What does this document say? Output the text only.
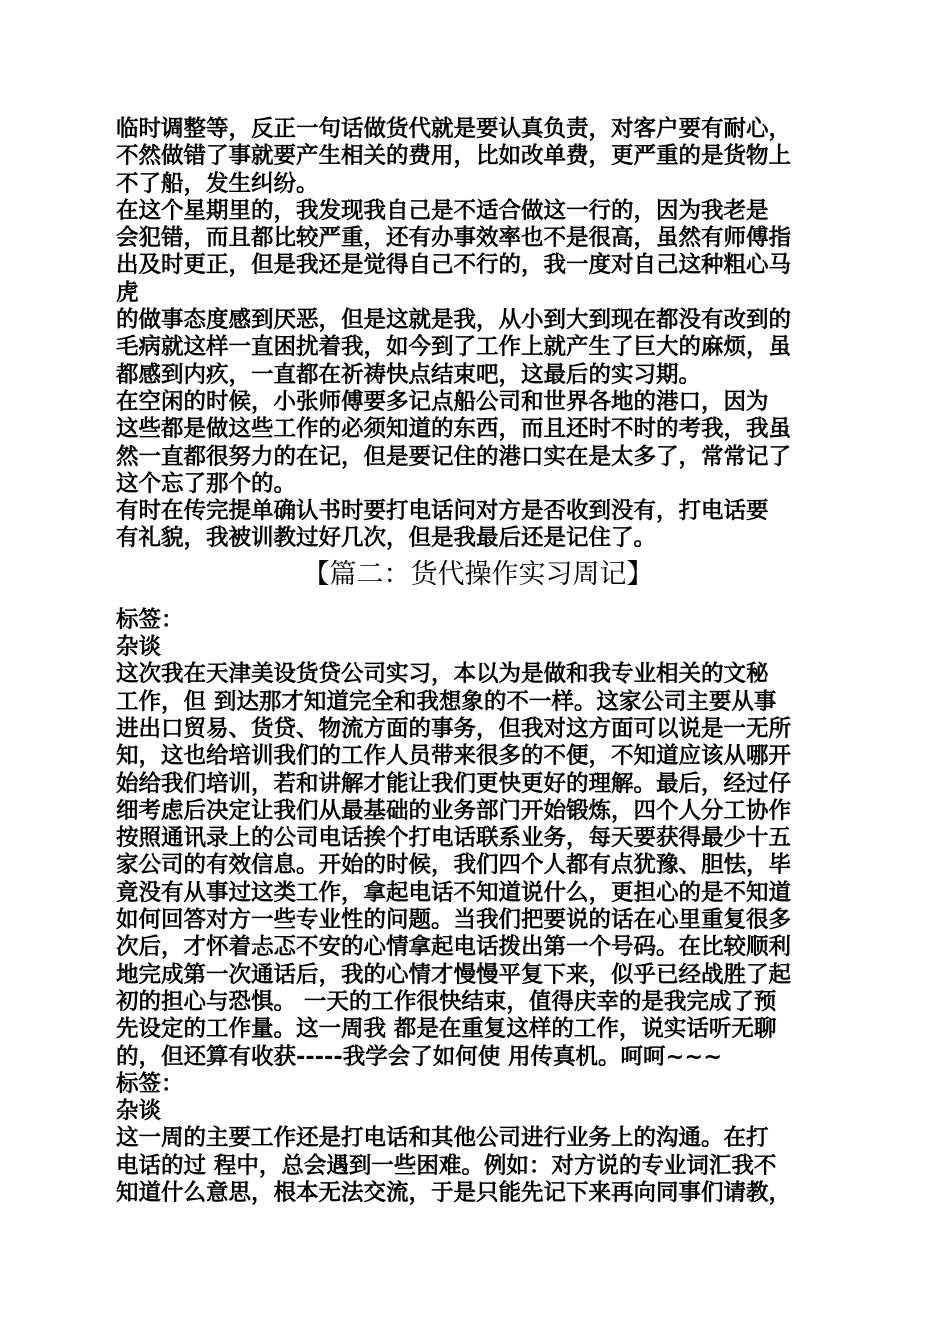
临时调整等，反正一句话做货代就是要认真负责，对客户要有耐心，
不然做错了事就要产生相关的费用，比如改单费，更严重的是货物上
不了船，发生纠纷。
在这个星期里的，我发现我自己是不适合做这一行的，因为我老是
会犯错，而且都比较严重，还有办事效率也不是很高，虽然有师傅指
出及时更正，但是我还是觉得自己不行的，我一度对自己这种粗心马
虎
的做事态度感到厌恶，但是这就是我，从小到大到现在都没有改到的
毛病就这样一直困扰着我，如今到了工作上就产生了巨大的麻烦，虽
都感到内疚，一直都在祈祷快点结束吧，这最后的实习期。
在空闲的时候，小张师傅要多记点船公司和世界各地的港口，因为
这些都是做这些工作的必须知道的东西，而且还时不时的考我，我虽
然一直都很努力的在记，但是要记住的港口实在是太多了，常常记了
这个忘了那个的。
有时在传完提单确认书时要打电话问对方是否收到没有，打电话要
有礼貌，我被训教过好几次，但是我最后还是记住了。
【篇二：货代操作实习周记】
标签：
杂谈
这次我在天津美设货贷公司实习，本以为是做和我专业相关的文秘
工作，但 到达那才知道完全和我想象的不一样。这家公司主要从事
进出口贸易、货贷、物流方面的事务，但我对这方面可以说是一无所
知，这也给培训我们的工作人员带来很多的不便，不知道应该从哪开
始给我们培训，若和讲解才能让我们更快更好的理解。最后，经过仔
细考虑后决定让我们从最基础的业务部门开始锻炼，四个人分工协作
按照通讯录上的公司电话挨个打电话联系业务，每天要获得最少十五
家公司的有效信息。开始的时候，我们四个人都有点犹豫、胆怯，毕
竟没有从事过这类工作，拿起电话不知道说什么，更担心的是不知道
如何回答对方一些专业性的问题。当我们把要说的话在心里重复很多
次后，才怀着忐忑不安的心情拿起电话拨出第一个号码。在比较顺利
地完成第一次通话后，我的心情才慢慢平复下来，似乎已经战胜了起
初的担心与恐惧。 一天的工作很快结束，值得庆幸的是我完成了预
先设定的工作量。这一周我 都是在重复这样的工作，说实话听无聊
的，但还算有收获-----我学会了如何使 用传真机。呵呵~~~
标签：
杂谈
这一周的主要工作还是打电话和其他公司进行业务上的沟通。在打
电话的过 程中，总会遇到一些困难。例如：对方说的专业词汇我不
知道什么意思，根本无法交流，于是只能先记下来再向同事们请教，
